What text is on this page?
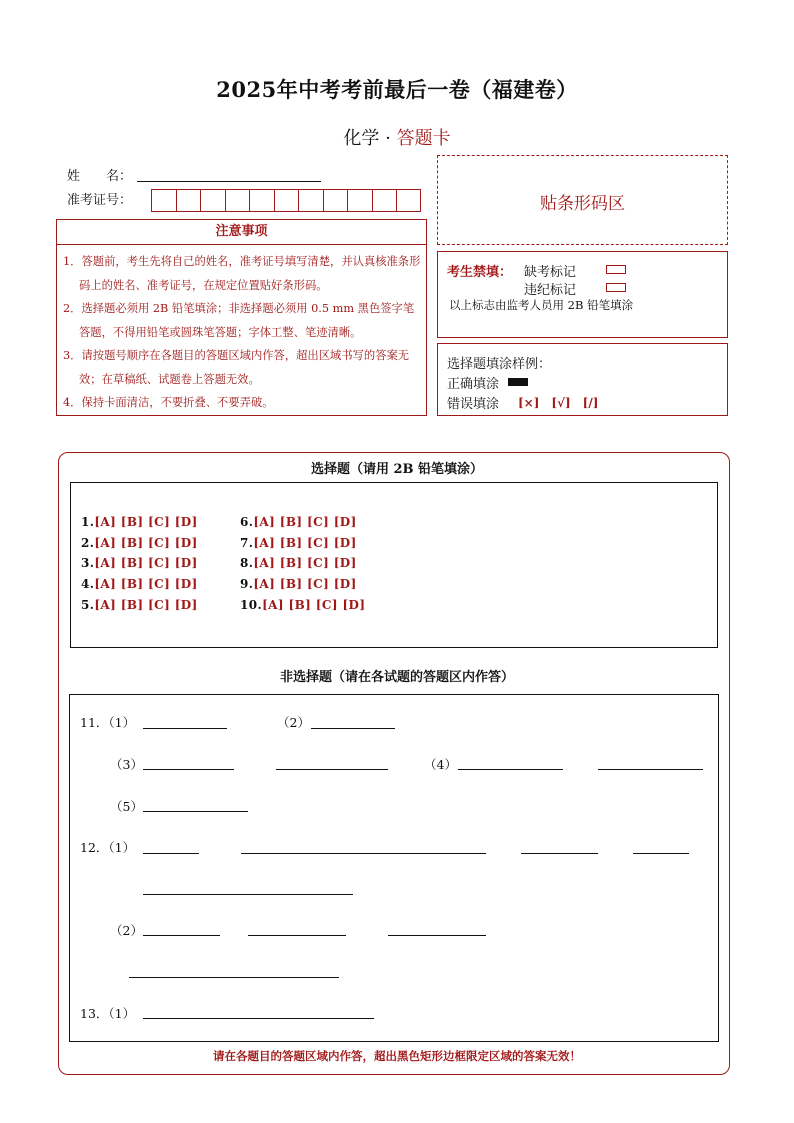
2025年中考考前最后一卷（福建卷）
化学 · 答题卡
姓　　名：
准考证号：	贴条形码区
注意事项
1．答题前，考生先将自己的姓名，准考证号填写清楚，并认真核准条形码上的姓名、准考证号，在规定位置贴好条形码。
2．选择题必须用 2B 铅笔填涂；非选择题必须用 0.5 mm 黑色签字笔答题，不得用铅笔或圆珠笔答题；字体工整、笔迹清晰。
3．请按题号顺序在各题目的答题区域内作答，超出区域书写的答案无效；在草稿纸、试题卷上答题无效。
4．保持卡面清洁，不要折叠、不要弄破。
考生禁填： 缺考标记
违纪标记
以上标志由监考人员用 2B 铅笔填涂
选择题填涂样例：
正确填涂
错误填涂 [×]　[√]　[/]
选择题（请用 2B 铅笔填涂）
1.[A] [B] [C] [D]
2.[A] [B] [C] [D]
3.[A] [B] [C] [D]
4.[A] [B] [C] [D]
5.[A] [B] [C] [D]
6.[A] [B] [C] [D]
7.[A] [B] [C] [D]
8.[A] [B] [C] [D]
9.[A] [B] [C] [D]
10.[A] [B] [C] [D]
非选择题（请在各试题的答题区内作答）
11．（1）	（2）
（3）	（4）
（5）
12．（1）
（2）
13．（1）
请在各题目的答题区域内作答，超出黑色矩形边框限定区域的答案无效！
